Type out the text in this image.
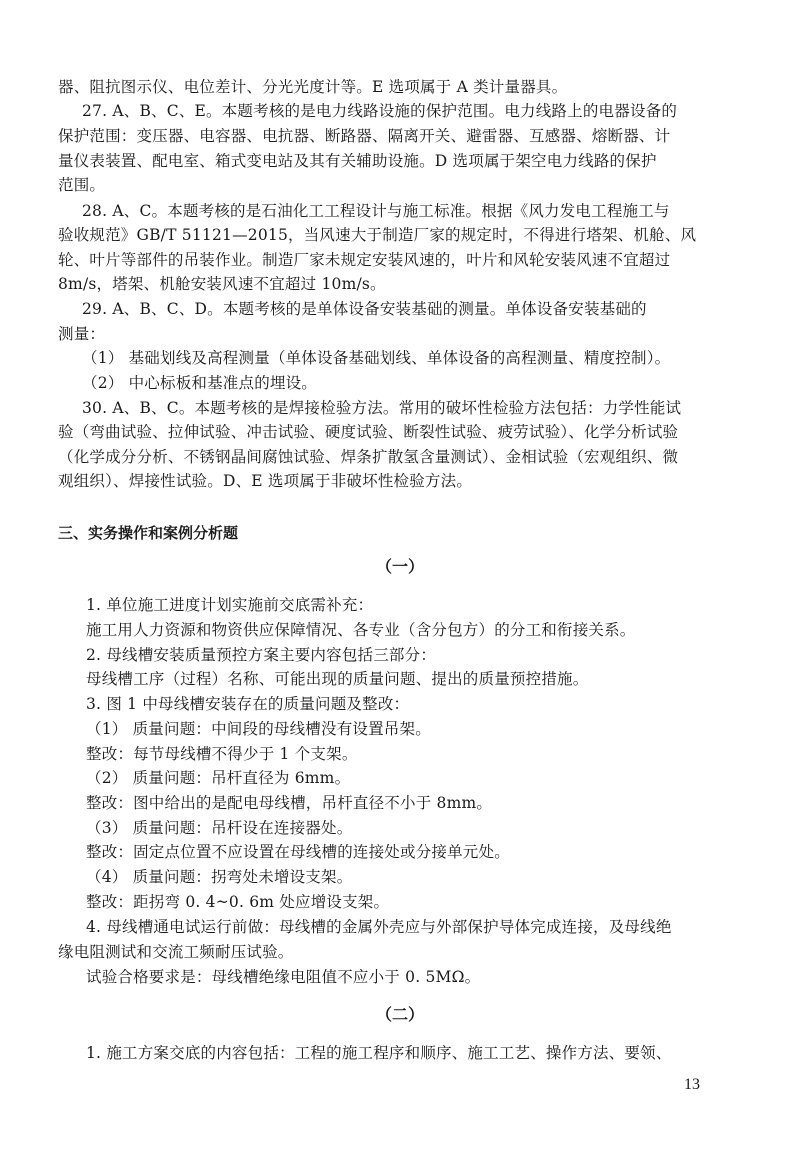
器、阻抗图示仪、电位差计、分光光度计等。E 选项属于 A 类计量器具。
27. A、B、C、E。本题考核的是电力线路设施的保护范围。电力线路上的电器设备的
保护范围：变压器、电容器、电抗器、断路器、隔离开关、避雷器、互感器、熔断器、计
量仪表装置、配电室、箱式变电站及其有关辅助设施。D 选项属于架空电力线路的保护
范围。
28. A、C。本题考核的是石油化工工程设计与施工标准。根据《风力发电工程施工与
验收规范》GB/T 51121—2015，当风速大于制造厂家的规定时，不得进行塔架、机舱、风
轮、叶片等部件的吊装作业。制造厂家未规定安装风速的，叶片和风轮安装风速不宜超过
8m/s，塔架、机舱安装风速不宜超过 10m/s。
29. A、B、C、D。本题考核的是单体设备安装基础的测量。单体设备安装基础的
测量：
（1） 基础划线及高程测量（单体设备基础划线、单体设备的高程测量、精度控制）。
（2） 中心标板和基准点的埋设。
30. A、B、C。本题考核的是焊接检验方法。常用的破坏性检验方法包括：力学性能试
验（弯曲试验、拉伸试验、冲击试验、硬度试验、断裂性试验、疲劳试验）、化学分析试验
（化学成分分析、不锈钢晶间腐蚀试验、焊条扩散氢含量测试）、金相试验（宏观组织、微
观组织）、焊接性试验。D、E 选项属于非破坏性检验方法。
三、实务操作和案例分析题
（一）
1. 单位施工进度计划实施前交底需补充：
施工用人力资源和物资供应保障情况、各专业（含分包方）的分工和衔接关系。
2. 母线槽安装质量预控方案主要内容包括三部分：
母线槽工序（过程）名称、可能出现的质量问题、提出的质量预控措施。
3. 图 1 中母线槽安装存在的质量问题及整改：
（1） 质量问题：中间段的母线槽没有设置吊架。
整改：每节母线槽不得少于 1 个支架。
（2） 质量问题：吊杆直径为 6mm。
整改：图中给出的是配电母线槽，吊杆直径不小于 8mm。
（3） 质量问题：吊杆设在连接器处。
整改：固定点位置不应设置在母线槽的连接处或分接单元处。
（4） 质量问题：拐弯处未增设支架。
整改：距拐弯 0. 4~0. 6m 处应增设支架。
4. 母线槽通电试运行前做：母线槽的金属外壳应与外部保护导体完成连接，及母线绝
缘电阻测试和交流工频耐压试验。
试验合格要求是：母线槽绝缘电阻值不应小于 0. 5MΩ。
（二）
1. 施工方案交底的内容包括：工程的施工程序和顺序、施工工艺、操作方法、要领、
13
